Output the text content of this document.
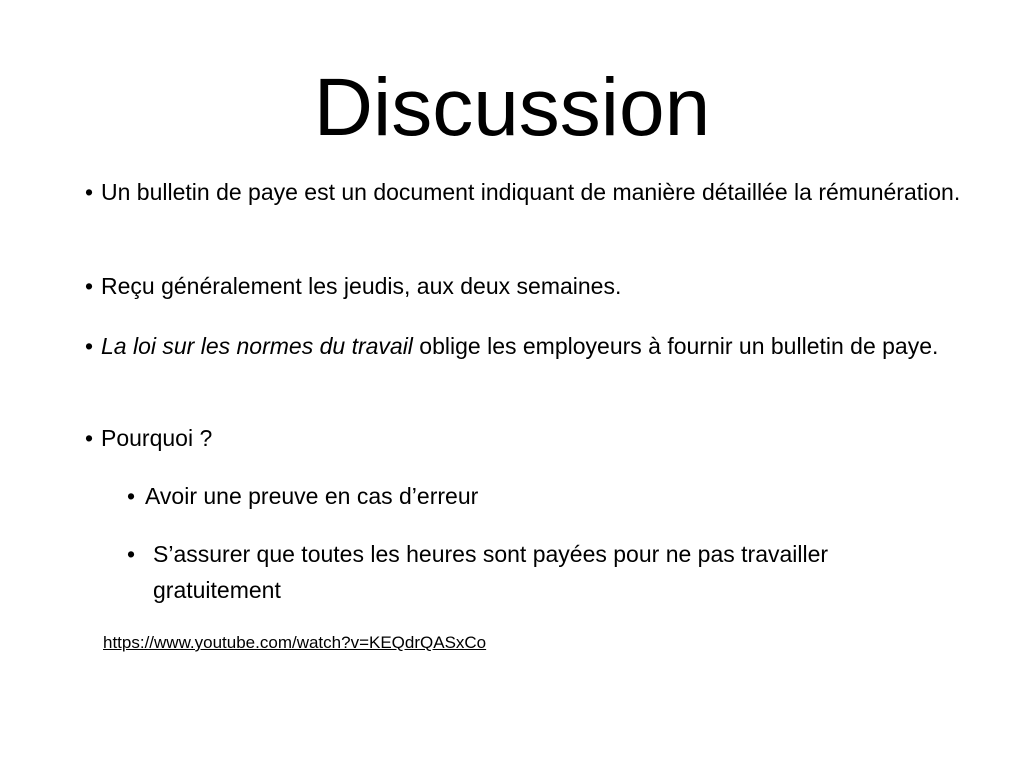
Discussion
• Un bulletin de paye est un document indiquant de manière détaillée la rémunération.
• Reçu généralement les jeudis, aux deux semaines.
• La loi sur les normes du travail oblige les employeurs à fournir un bulletin de paye.
• Pourquoi ?
• Avoir une preuve en cas d’erreur
• S’assurer que toutes les heures sont payées pour ne pas travailler gratuitement
https://www.youtube.com/watch?v=KEQdrQASxCo
